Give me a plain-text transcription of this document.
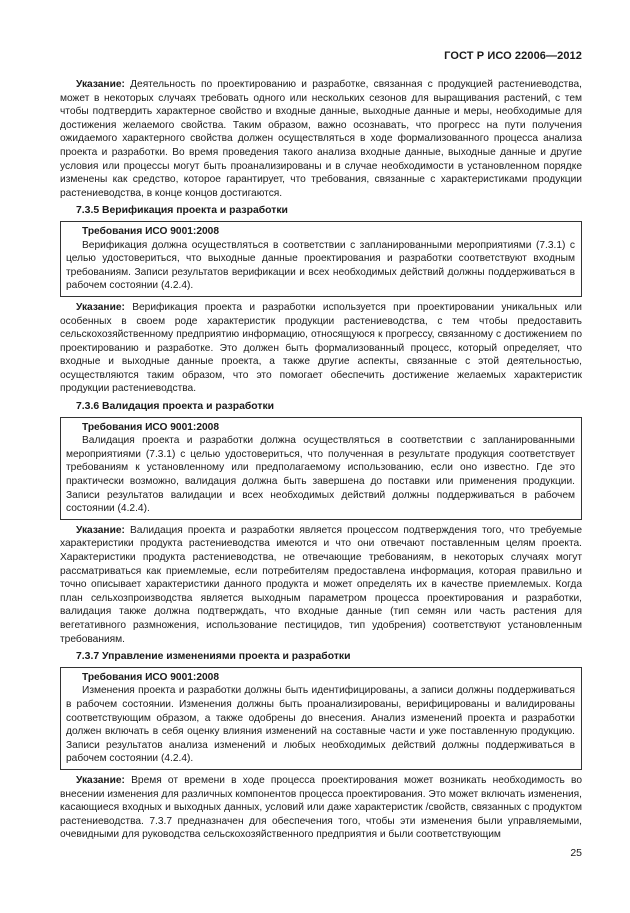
ГОСТ Р ИСО 22006—2012

Указание: Деятельность по проектированию и разработке, связанная с продукцией растениеводства, может в некоторых случаях требовать одного или нескольких сезонов для выращивания растений, с тем чтобы подтвердить характерное свойство и входные данные, выходные данные и меры, необходимые для достижения желаемого свойства. Таким образом, важно осознавать, что прогресс на пути получения ожидаемого характерного свойства должен осуществляться в ходе формализованного процесса анализа проекта и разработки. Во время проведения такого анализа входные данные, выходные данные и другие условия или процессы могут быть проанализированы и в случае необходимости в установленном порядке изменены как средство, которое гарантирует, что требования, связанные с характеристиками продукции растениеводства, в конце концов достигаются.

7.3.5 Верификация проекта и разработки
Требования ИСО 9001:2008

Верификация должна осуществляться в соответствии с запланированными мероприятиями (7.3.1) с целью удостовериться, что выходные данные проектирования и разработки соответствуют входным требованиям. Записи результатов верификации и всех необходимых действий должны поддерживаться в рабочем состоянии (4.2.4).

Указание: Верификация проекта и разработки используется при проектировании уникальных или особенных в своем роде характеристик продукции растениеводства, с тем чтобы предоставить сельскохозяйственному предприятию информацию, относящуюся к прогрессу, связанному с достижением по проектированию и разработке. Это должен быть формализованный процесс, который определяет, что входные и выходные данные проекта, а также другие аспекты, связанные с этой деятельностью, осуществляются таким образом, что это помогает обеспечить достижение желаемых характеристик продукции растениеводства.

7.3.6 Валидация проекта и разработки
Требования ИСО 9001:2008

Валидация проекта и разработки должна осуществляться в соответствии с запланированными мероприятиями (7.3.1) с целью удостовериться, что полученная в результате продукция соответствует требованиям к установленному или предполагаемому использованию, если оно известно. Где это практически возможно, валидация должна быть завершена до поставки или применения продукции. Записи результатов валидации и всех необходимых действий должны поддерживаться в рабочем состоянии (4.2.4).

Указание: Валидация проекта и разработки является процессом подтверждения того, что требуемые характеристики продукта растениеводства имеются и что они отвечают поставленным целям проекта. Характеристики продукта растениеводства, не отвечающие требованиям, в некоторых случаях могут рассматриваться как приемлемые, если потребителям предоставлена информация, которая правильно и точно описывает характеристики данного продукта и может определять их в качестве приемлемых. Когда план сельхозпроизводства является выходным параметром процесса проектирования и разработки, валидация также должна подтверждать, что входные данные (тип семян или часть растения для вегетативного размножения, использование пестицидов, тип удобрения) соответствуют установленным требованиям.

7.3.7 Управление изменениями проекта и разработки
Требования ИСО 9001:2008

Изменения проекта и разработки должны быть идентифицированы, а записи должны поддерживаться в рабочем состоянии. Изменения должны быть проанализированы, верифицированы и валидированы соответствующим образом, а также одобрены до внесения. Анализ изменений проекта и разработки должен включать в себя оценку влияния изменений на составные части и уже поставленную продукцию. Записи результатов анализа изменений и любых необходимых действий должны поддерживаться в рабочем состоянии (4.2.4).

Указание: Время от времени в ходе процесса проектирования может возникать необходимость во внесении изменения для различных компонентов процесса проектирования. Это может включать изменения, касающиеся входных и выходных данных, условий или даже характеристик /свойств, связанных с продуктом растениеводства. 7.3.7 предназначен для обеспечения того, чтобы эти изменения были управляемыми, очевидными для руководства сельскохозяйственного предприятия и были соответствующим

25
